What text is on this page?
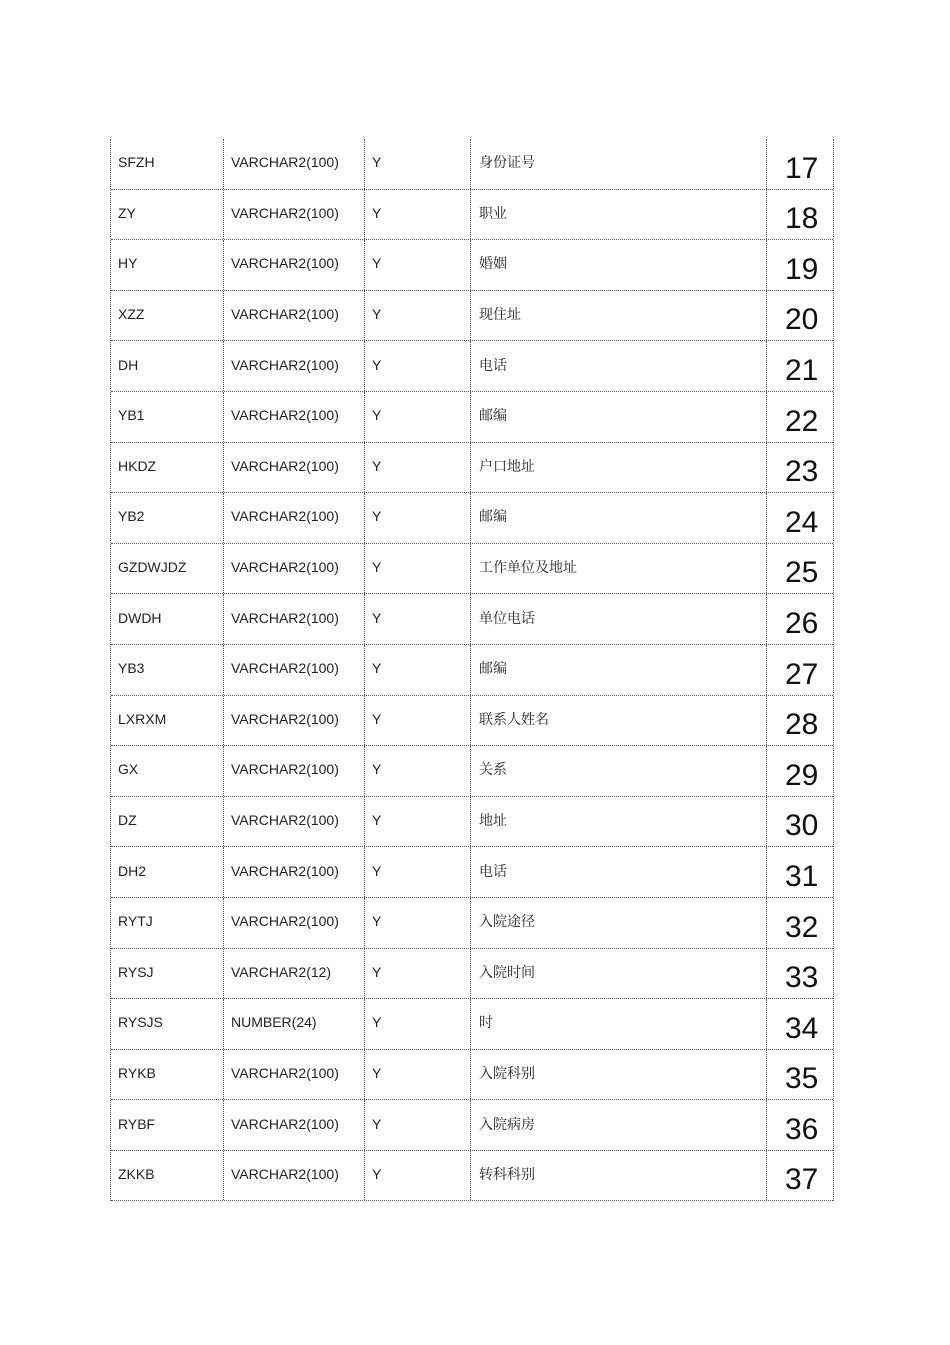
SFZH	VARCHAR2(100)	Y	身份证号	17
ZY	VARCHAR2(100)	Y	职业	18
HY	VARCHAR2(100)	Y	婚姻	19
XZZ	VARCHAR2(100)	Y	现住址	20
DH	VARCHAR2(100)	Y	电话	21
YB1	VARCHAR2(100)	Y	邮编	22
HKDZ	VARCHAR2(100)	Y	户口地址	23
YB2	VARCHAR2(100)	Y	邮编	24
GZDWJDZ	VARCHAR2(100)	Y	工作单位及地址	25
DWDH	VARCHAR2(100)	Y	单位电话	26
YB3	VARCHAR2(100)	Y	邮编	27
LXRXM	VARCHAR2(100)	Y	联系人姓名	28
GX	VARCHAR2(100)	Y	关系	29
DZ	VARCHAR2(100)	Y	地址	30
DH2	VARCHAR2(100)	Y	电话	31
RYTJ	VARCHAR2(100)	Y	入院途径	32
RYSJ	VARCHAR2(12)	Y	入院时间	33
RYSJS	NUMBER(24)	Y	时	34
RYKB	VARCHAR2(100)	Y	入院科别	35
RYBF	VARCHAR2(100)	Y	入院病房	36
ZKKB	VARCHAR2(100)	Y	转科科别	37
